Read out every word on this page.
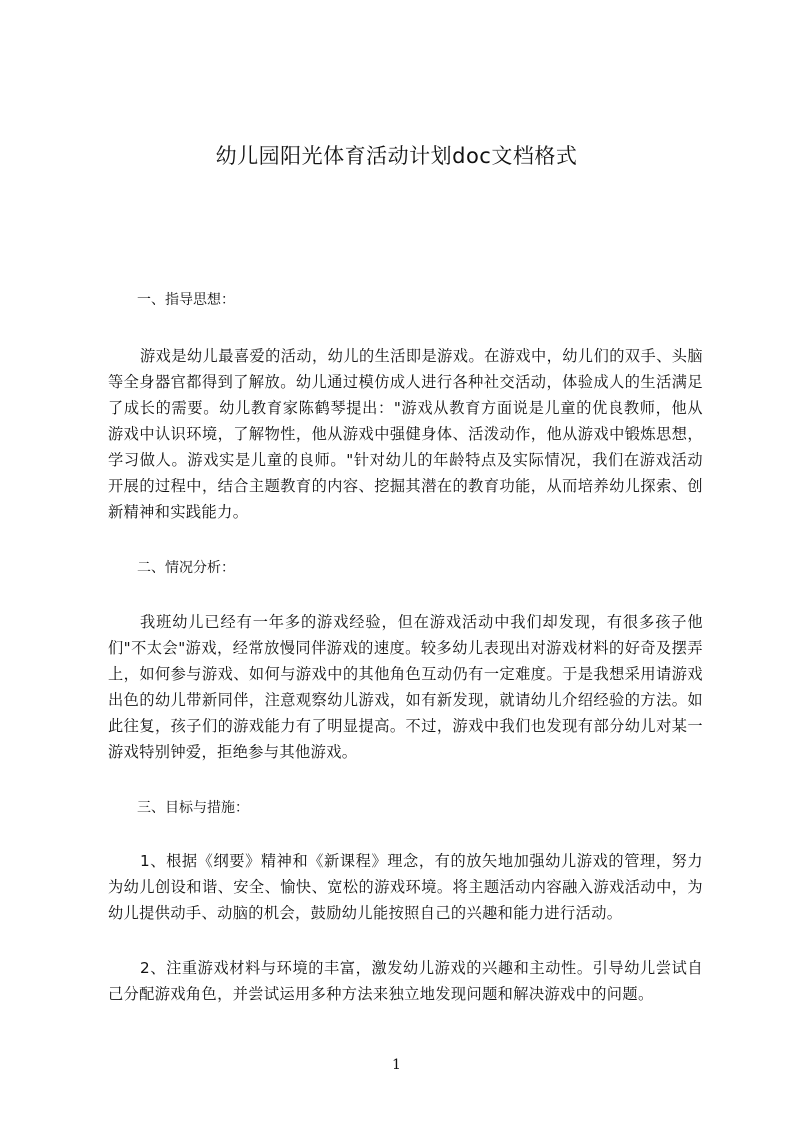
幼儿园阳光体育活动计划doc文档格式
一、指导思想：
游戏是幼儿最喜爱的活动，幼儿的生活即是游戏。在游戏中，幼儿们的双手、头脑等全身器官都得到了解放。幼儿通过模仿成人进行各种社交活动，体验成人的生活满足了成长的需要。幼儿教育家陈鹤琴提出："游戏从教育方面说是儿童的优良教师，他从游戏中认识环境，了解物性，他从游戏中强健身体、活泼动作，他从游戏中锻炼思想，学习做人。游戏实是儿童的良师。"针对幼儿的年龄特点及实际情况，我们在游戏活动开展的过程中，结合主题教育的内容、挖掘其潜在的教育功能，从而培养幼儿探索、创新精神和实践能力。
二、情况分析：
我班幼儿已经有一年多的游戏经验，但在游戏活动中我们却发现，有很多孩子他们"不太会"游戏，经常放慢同伴游戏的速度。较多幼儿表现出对游戏材料的好奇及摆弄上，如何参与游戏、如何与游戏中的其他角色互动仍有一定难度。于是我想采用请游戏出色的幼儿带新同伴，注意观察幼儿游戏，如有新发现，就请幼儿介绍经验的方法。如此往复，孩子们的游戏能力有了明显提高。不过，游戏中我们也发现有部分幼儿对某一游戏特别钟爱，拒绝参与其他游戏。
三、目标与措施：
1、根据《纲要》精神和《新课程》理念，有的放矢地加强幼儿游戏的管理，努力为幼儿创设和谐、安全、愉快、宽松的游戏环境。将主题活动内容融入游戏活动中，为幼儿提供动手、动脑的机会，鼓励幼儿能按照自己的兴趣和能力进行活动。
2、注重游戏材料与环境的丰富，激发幼儿游戏的兴趣和主动性。引导幼儿尝试自己分配游戏角色，并尝试运用多种方法来独立地发现问题和解决游戏中的问题。
1
